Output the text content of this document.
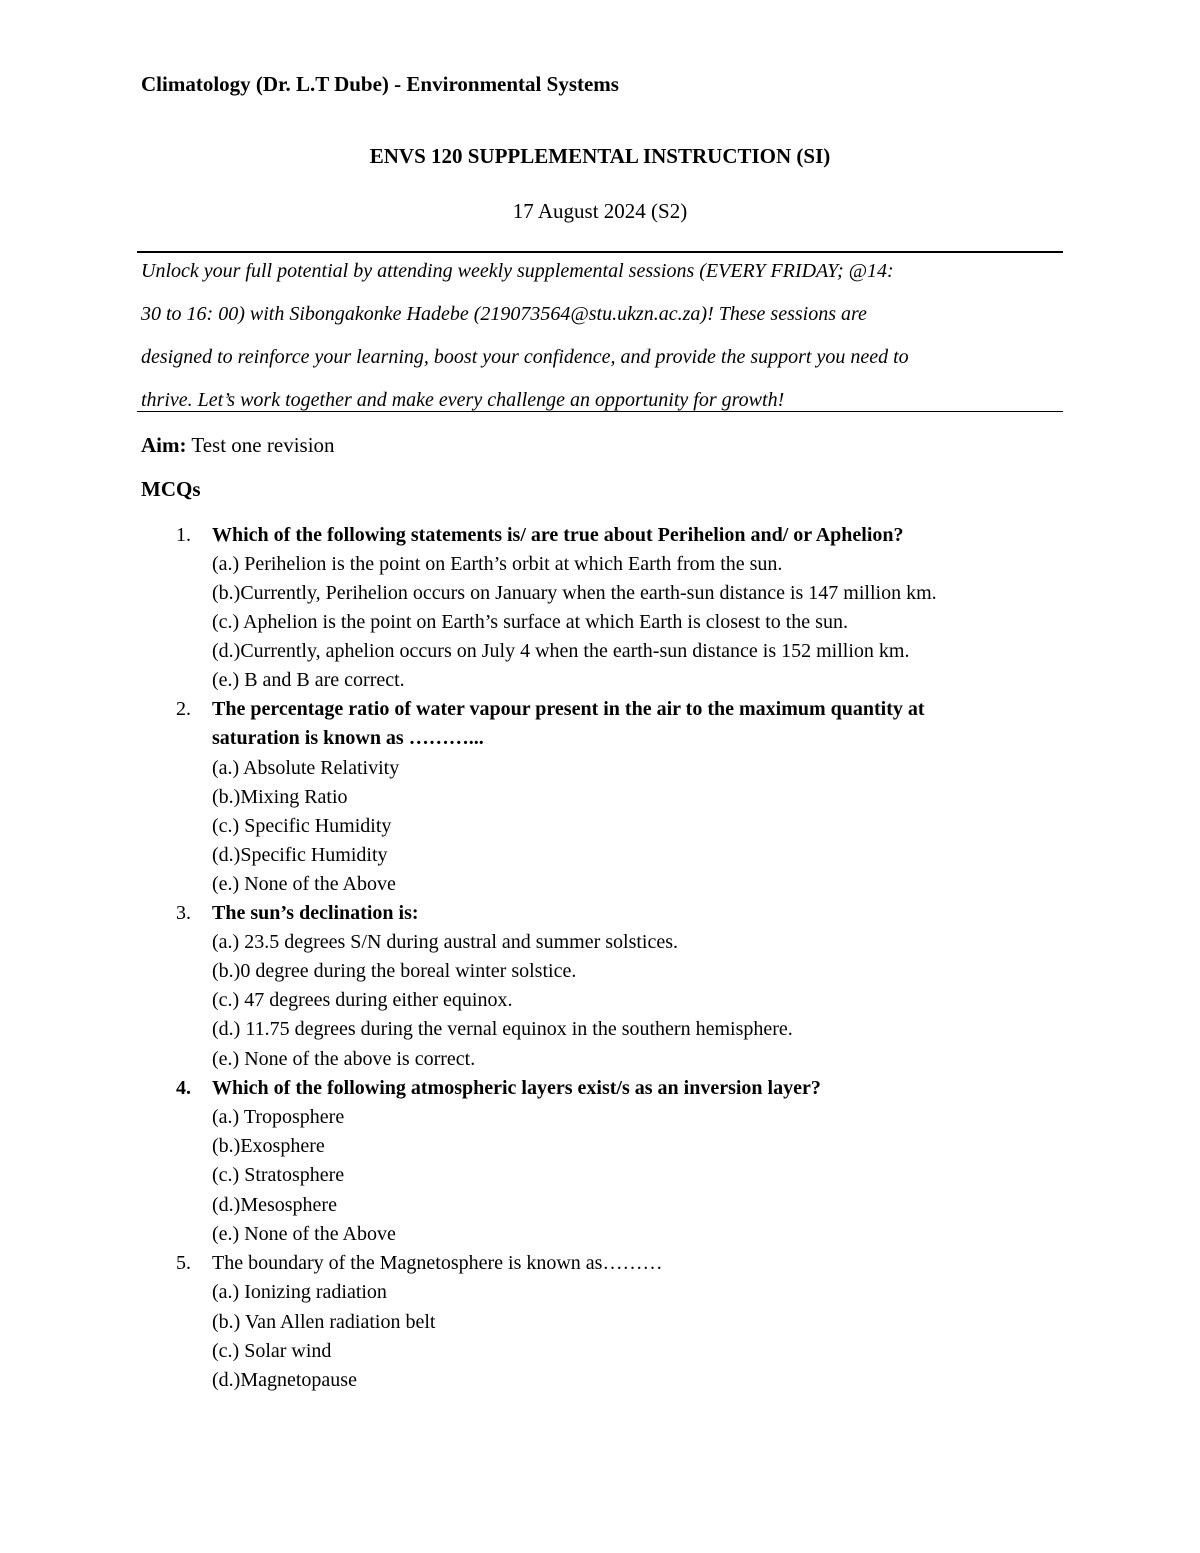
Climatology (Dr. L.T Dube) - Environmental Systems
ENVS 120 SUPPLEMENTAL INSTRUCTION (SI)
17 August 2024 (S2)
Unlock your full potential by attending weekly supplemental sessions (EVERY FRIDAY; @14:
30 to 16: 00) with Sibongakonke Hadebe (219073564@stu.ukzn.ac.za)! These sessions are
designed to reinforce your learning, boost your confidence, and provide the support you need to
thrive. Let’s work together and make every challenge an opportunity for growth!
Aim: Test one revision
MCQs
1. Which of the following statements is/ are true about Perihelion and/ or Aphelion?
(a.) Perihelion is the point on Earth’s orbit at which Earth from the sun.
(b.)Currently, Perihelion occurs on January when the earth-sun distance is 147 million km.
(c.) Aphelion is the point on Earth’s surface at which Earth is closest to the sun.
(d.)Currently, aphelion occurs on July 4 when the earth-sun distance is 152 million km.
(e.) B and B are correct.
2. The percentage ratio of water vapour present in the air to the maximum quantity at
saturation is known as ………...
(a.) Absolute Relativity
(b.)Mixing Ratio
(c.) Specific Humidity
(d.)Specific Humidity
(e.) None of the Above
3. The sun’s declination is:
(a.) 23.5 degrees S/N during austral and summer solstices.
(b.)0 degree during the boreal winter solstice.
(c.) 47 degrees during either equinox.
(d.) 11.75 degrees during the vernal equinox in the southern hemisphere.
(e.) None of the above is correct.
4. Which of the following atmospheric layers exist/s as an inversion layer?
(a.) Troposphere
(b.)Exosphere
(c.) Stratosphere
(d.)Mesosphere
(e.) None of the Above
5. The boundary of the Magnetosphere is known as………
(a.) Ionizing radiation
(b.) Van Allen radiation belt
(c.) Solar wind
(d.)Magnetopause
